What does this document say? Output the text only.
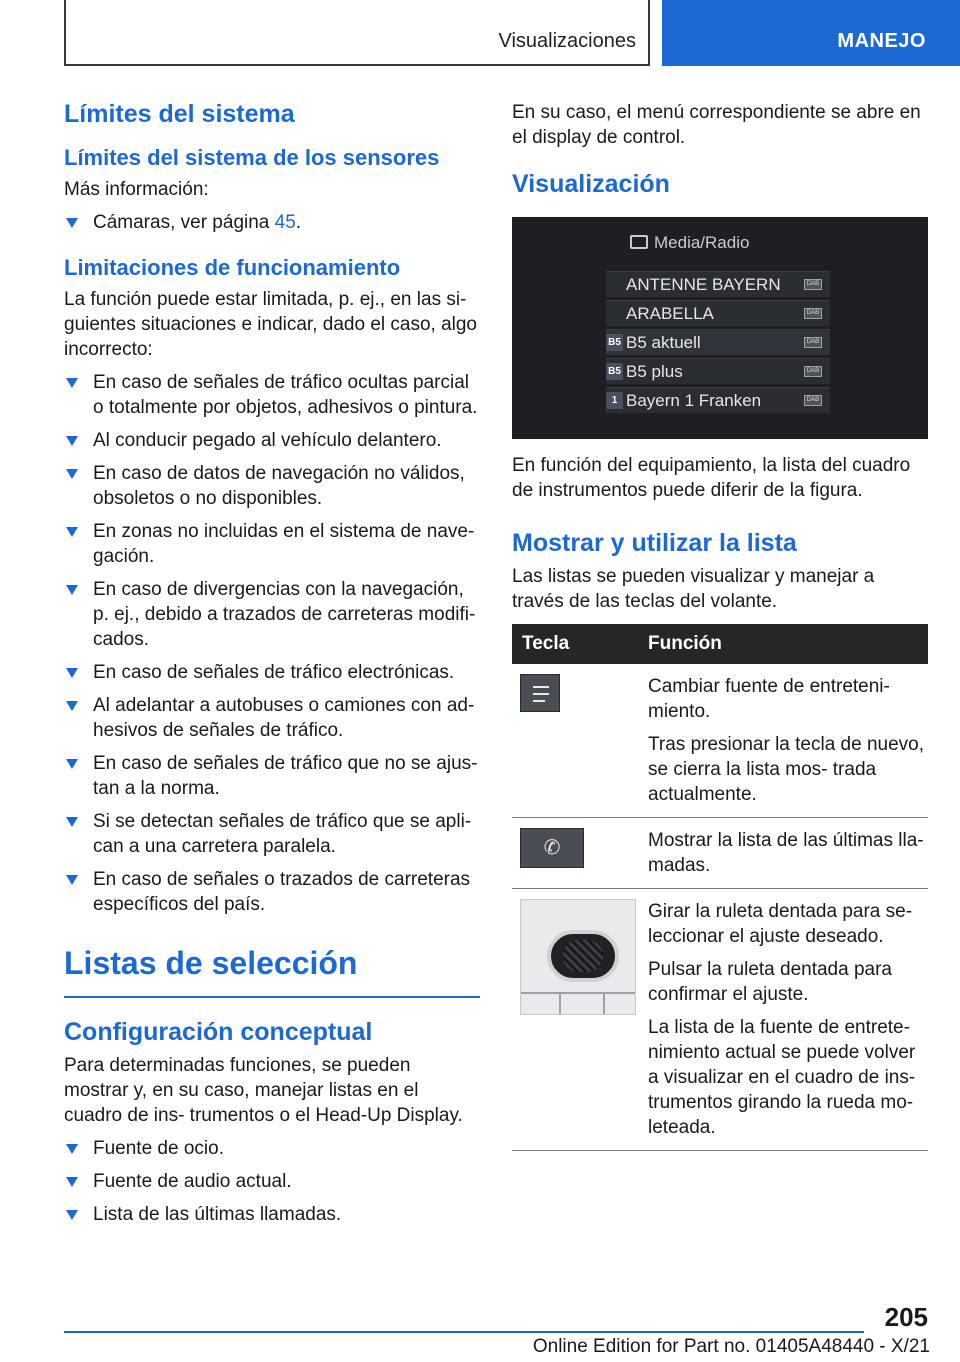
Visualizaciones	MANEJO
Límites del sistema
Límites del sistema de los sensores

Más información:

Cámaras, ver página 45.
Limitaciones de funcionamiento

La función puede estar limitada, p. ej., en las si- guientes situaciones e indicar, dado el caso, algo incorrecto:

En caso de señales de tráfico ocultas parcial o totalmente por objetos, adhesivos o pintura.
Al conducir pegado al vehículo delantero.
En caso de datos de navegación no válidos, obsoletos o no disponibles.
En zonas no incluidas en el sistema de nave- gación.
En caso de divergencias con la navegación, p. ej., debido a trazados de carreteras modifi- cados.
En caso de señales de tráfico electrónicas.
Al adelantar a autobuses o camiones con ad- hesivos de señales de tráfico.
En caso de señales de tráfico que no se ajus- tan a la norma.
Si se detectan señales de tráfico que se apli- can a una carretera paralela.
En caso de señales o trazados de carreteras específicos del país.
Listas de selección
Configuración conceptual

Para determinadas funciones, se pueden mostrar y, en su caso, manejar listas en el cuadro de ins- trumentos o el Head-Up Display.

Fuente de ocio.
Fuente de audio actual.
Lista de las últimas llamadas.

En su caso, el menú correspondiente se abre en el display de control.

Visualización
Media/Radio
ANTENNE BAYERN	DAB
ARABELLA	DAB
B5 B5 aktuell	DAB
B5 B5 plus	DAB
1 Bayern 1 Franken	DAB

En función del equipamiento, la lista del cuadro de instrumentos puede diferir de la figura.

Mostrar y utilizar la lista

Las listas se pueden visualizar y manejar a través de las teclas del volante.

Tecla	Función

	Cambiar fuente de entreteni- miento.

Tras presionar la tecla de nuevo, se cierra la lista mos- trada actualmente.

✆	Mostrar la lista de las últimas lla- madas.

	Girar la ruleta dentada para se- leccionar el ajuste deseado.

Pulsar la ruleta dentada para confirmar el ajuste.

La lista de la fuente de entrete- nimiento actual se puede volver a visualizar en el cuadro de ins- trumentos girando la rueda mo- leteada.

205
Online Edition for Part no. 01405A48440 - X/21
